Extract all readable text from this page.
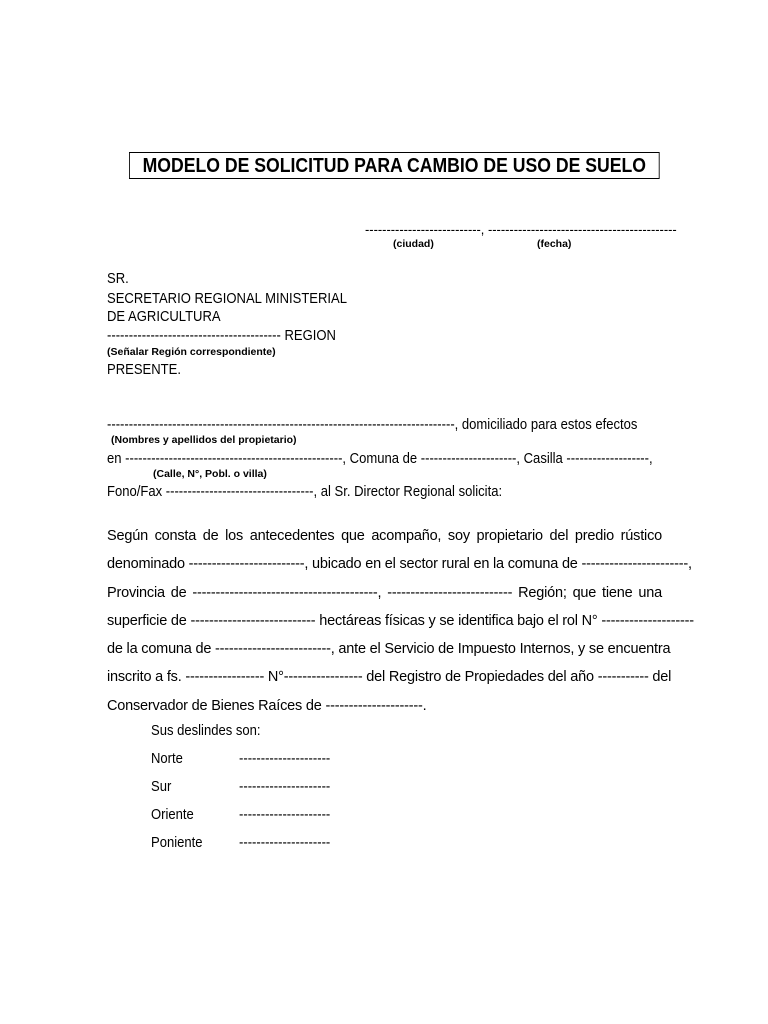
MODELO DE SOLICITUD PARA CAMBIO DE USO DE SUELO
---------------------------, --------------------------------------------
(ciudad)	(fecha)
SR.
SECRETARIO REGIONAL MINISTERIAL
DE AGRICULTURA
---------------------------------------- REGION
(Señalar Región correspondiente)
PRESENTE.
--------------------------------------------------------------------------------, domiciliado para estos efectos
(Nombres y apellidos del propietario)
en --------------------------------------------------, Comuna de ----------------------, Casilla -------------------,
(Calle, N°, Pobl. o villa)
Fono/Fax ----------------------------------, al Sr. Director Regional solicita:
Según consta de los antecedentes que acompaño, soy propietario del predio rústico
denominado -------------------------, ubicado en el sector rural en la comuna de -----------------------,
Provincia de ----------------------------------------, --------------------------- Región; que tiene una
superficie de --------------------------- hectáreas físicas y se identifica bajo el rol N° --------------------
de la comuna de -------------------------, ante el Servicio de Impuesto Internos, y se encuentra
inscrito a fs. ----------------- N°----------------- del Registro de Propiedades del año ----------- del
Conservador de Bienes Raíces de ---------------------.
Sus deslindes son:
Norte	---------------------
Sur	---------------------
Oriente	---------------------
Poniente	---------------------
